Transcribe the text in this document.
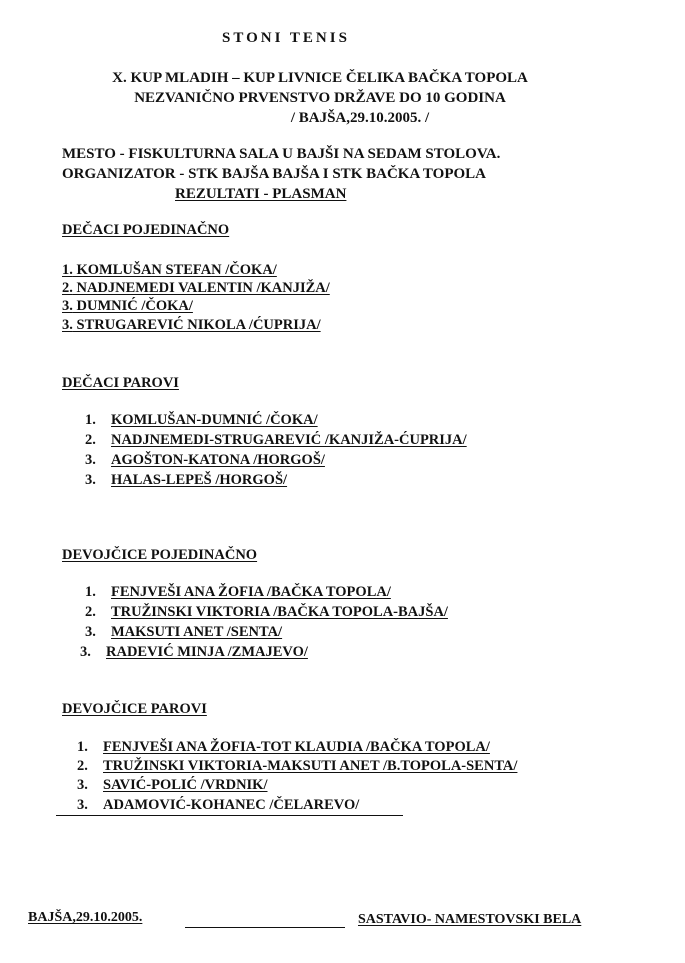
STONI TENIS
X. KUP MLADIH – KUP LIVNICE ČELIKA BAČKA TOPOLA
NEZVANIČNO PRVENSTVO DRŽAVE DO 10 GODINA
/ BAJŠA,29.10.2005. /
MESTO - FISKULTURNA SALA U BAJŠI NA SEDAM STOLOVA.
ORGANIZATOR - STK BAJŠA BAJŠA I STK BAČKA TOPOLA
REZULTATI - PLASMAN
DEČACI POJEDINAČNO
1. KOMLUŠAN STEFAN /ČOKA/
2. NADJNEMEDI VALENTIN /KANJIŽA/
3. DUMNIĆ /ČOKA/
3. STRUGAREVIĆ NIKOLA /ĆUPRIJA/
DEČACI PAROVI
1. KOMLUŠAN-DUMNIĆ /ČOKA/
2. NADJNEMEDI-STRUGAREVIĆ /KANJIŽA-ĆUPRIJA/
3. AGOŠTON-KATONA /HORGOŠ/
3. HALAS-LEPEŠ /HORGOŠ/
DEVOJČICE POJEDINAČNO
1. FENJVEŠI ANA ŽOFIA /BAČKA TOPOLA/
2. TRUŽINSKI VIKTORIA /BAČKA TOPOLA-BAJŠA/
3. MAKSUTI ANET /SENTA/
3. RADEVIĆ MINJA /ZMAJEVO/
DEVOJČICE PAROVI
1. FENJVEŠI ANA ŽOFIA-TOT KLAUDIA /BAČKA TOPOLA/
2. TRUŽINSKI VIKTORIA-MAKSUTI ANET /B.TOPOLA-SENTA/
3. SAVIĆ-POLIĆ /VRDNIK/
3. ADAMOVIĆ-KOHANEC /ČELAREVO/
BAJŠA,29.10.2005.	SASTAVIO- NAMESTOVSKI BELA
